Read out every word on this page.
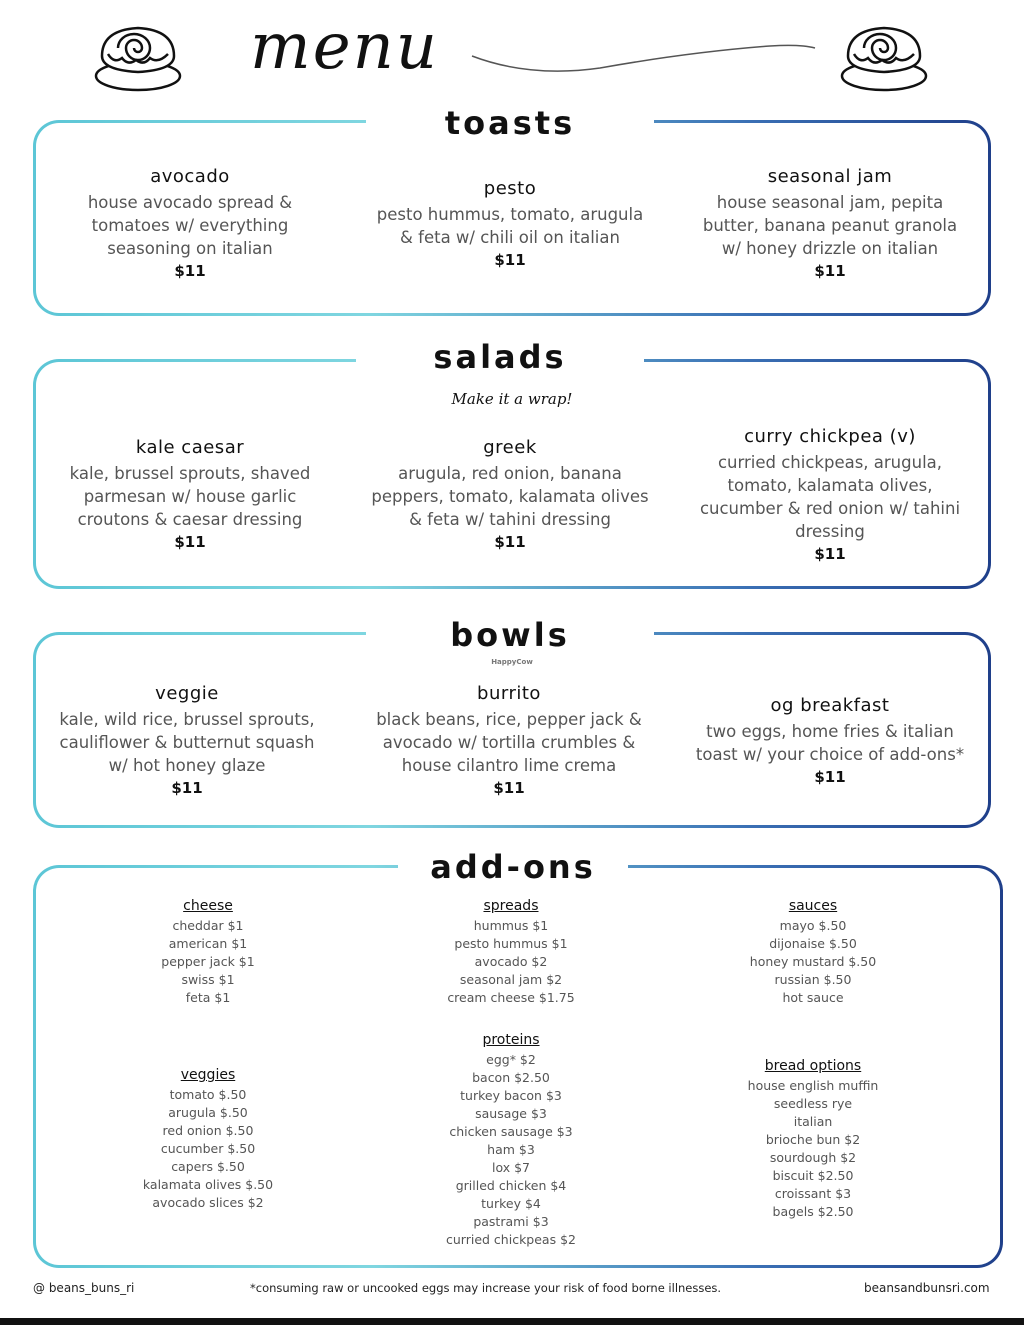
menu
toasts
avocado
house avocado spread &
tomatoes w/ everything
seasoning on italian
$11
pesto
pesto hummus, tomato, arugula
& feta w/ chili oil on italian
$11
seasonal jam
house seasonal jam, pepita
butter, banana peanut granola
w/ honey drizzle on italian
$11
salads
Make it a wrap!
kale caesar
kale, brussel sprouts, shaved
parmesan w/ house garlic
croutons & caesar dressing
$11
greek
arugula, red onion, banana
peppers, tomato, kalamata olives
& feta w/ tahini dressing
$11
curry chickpea (v)
curried chickpeas, arugula,
tomato, kalamata olives,
cucumber & red onion w/ tahini
dressing
$11
bowls
HappyCow
veggie
kale, wild rice, brussel sprouts,
cauliflower & butternut squash
w/ hot honey glaze
$11
burrito
black beans, rice, pepper jack &
avocado w/ tortilla crumbles &
house cilantro lime crema
$11
og breakfast
two eggs, home fries & italian
toast w/ your choice of add-ons*
$11
add-ons
cheese
cheddar $1
american $1
pepper jack $1
swiss $1
feta $1
spreads
hummus $1
pesto hummus $1
avocado $2
seasonal jam $2
cream cheese $1.75
sauces
mayo $.50
dijonaise $.50
honey mustard $.50
russian $.50
hot sauce
veggies
tomato $.50
arugula $.50
red onion $.50
cucumber $.50
capers $.50
kalamata olives $.50
avocado slices $2
proteins
egg* $2
bacon $2.50
turkey bacon $3
sausage $3
chicken sausage $3
ham $3
lox $7
grilled chicken $4
turkey $4
pastrami $3
curried chickpeas $2
bread options
house english muffin
seedless rye
italian
brioche bun $2
sourdough $2
biscuit $2.50
croissant $3
bagels $2.50
@ beans_buns_ri	*consuming raw or uncooked eggs may increase your risk of food borne illnesses.	beansandbunsri.com
